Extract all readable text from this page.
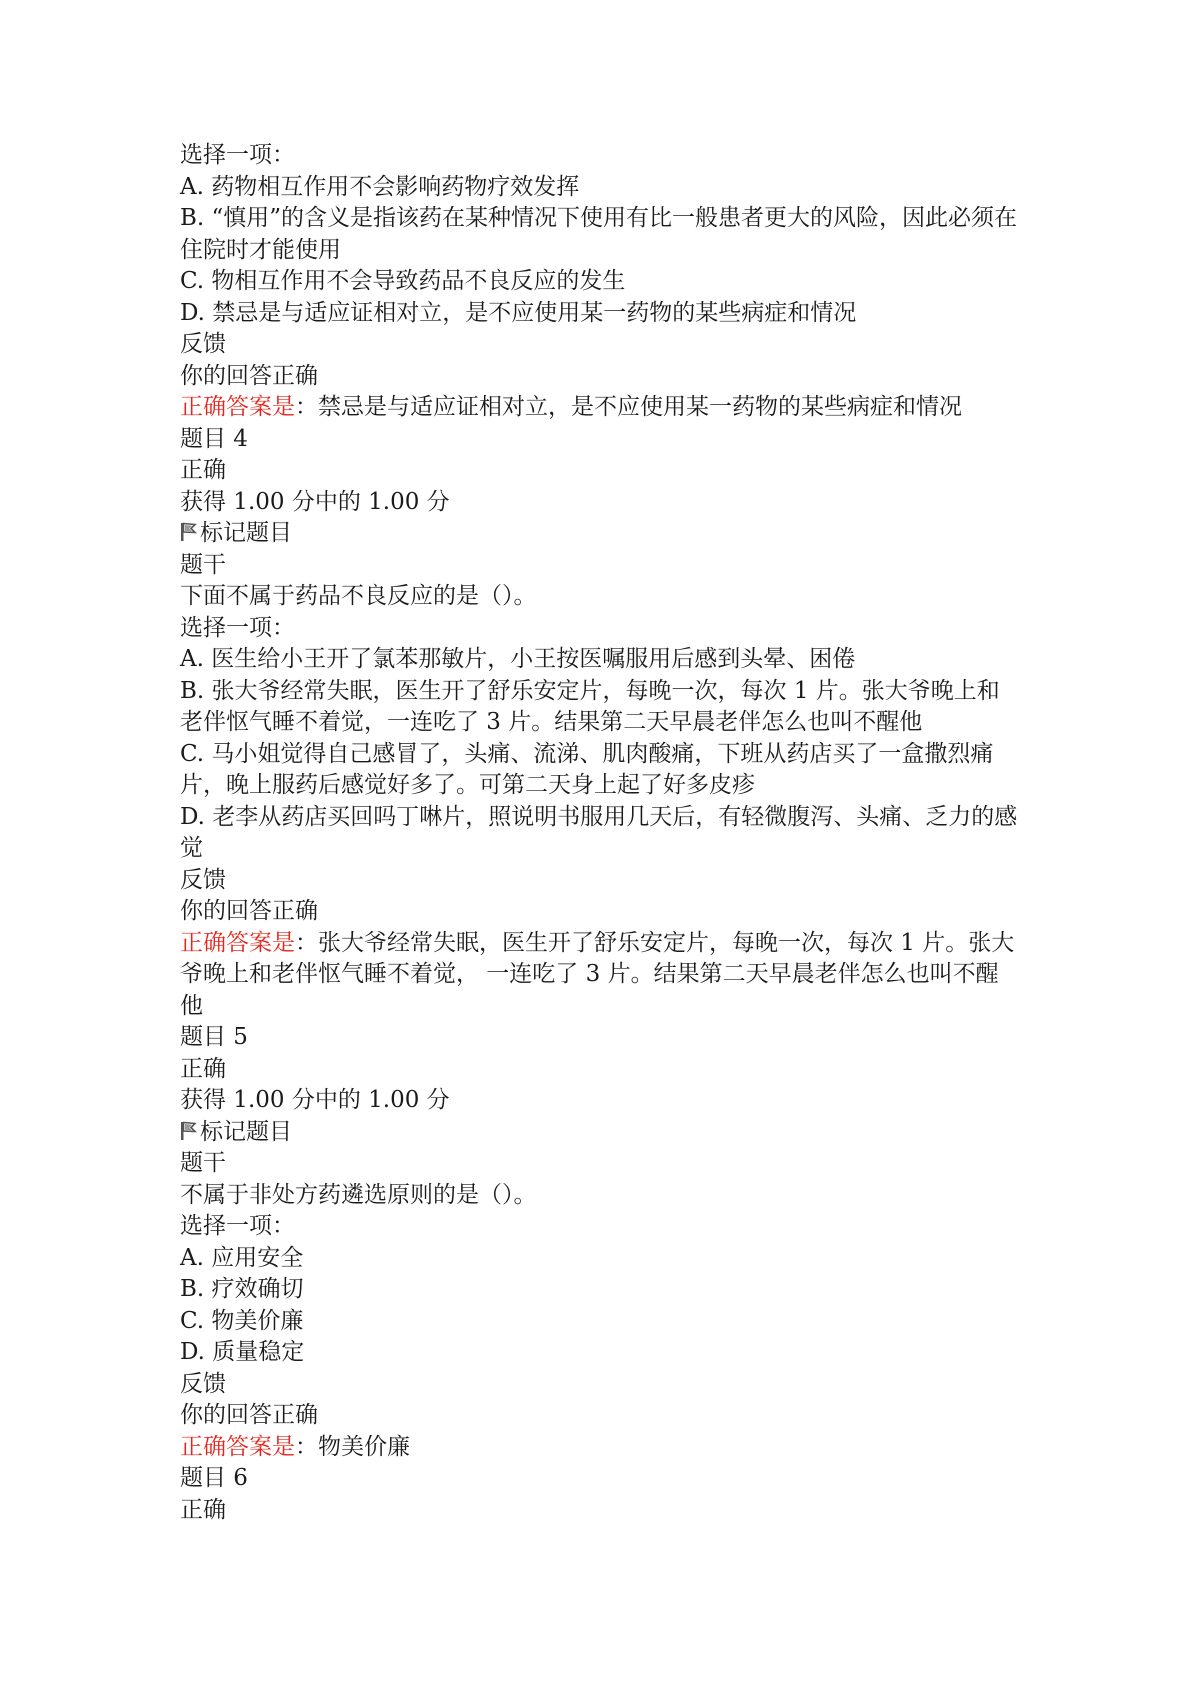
选择一项：
A. 药物相互作用不会影响药物疗效发挥
B. “慎用”的含义是指该药在某种情况下使用有比一般患者更大的风险，因此必须在住院时才能使用
C. 物相互作用不会导致药品不良反应的发生
D. 禁忌是与适应证相对立，是不应使用某一药物的某些病症和情况
反馈
你的回答正确
正确答案是：禁忌是与适应证相对立，是不应使用某一药物的某些病症和情况
题目 4
正确
获得 1.00 分中的 1.00 分
标记题目
题干
下面不属于药品不良反应的是（）。
选择一项：
A. 医生给小王开了氯苯那敏片，小王按医嘱服用后感到头晕、困倦
B. 张大爷经常失眠，医生开了舒乐安定片，每晚一次，每次 1 片。张大爷晚上和老伴怄气睡不着觉，一连吃了 3 片。结果第二天早晨老伴怎么也叫不醒他
C. 马小姐觉得自己感冒了，头痛、流涕、肌肉酸痛，下班从药店买了一盒撒烈痛片，晚上服药后感觉好多了。可第二天身上起了好多皮疹
D. 老李从药店买回吗丁啉片，照说明书服用几天后，有轻微腹泻、头痛、乏力的感觉
反馈
你的回答正确
正确答案是：张大爷经常失眠，医生开了舒乐安定片，每晚一次，每次 1 片。张大爷晚上和老伴怄气睡不着觉， 一连吃了 3 片。结果第二天早晨老伴怎么也叫不醒他
题目 5
正确
获得 1.00 分中的 1.00 分
标记题目
题干
不属于非处方药遴选原则的是（）。
选择一项：
A. 应用安全
B. 疗效确切
C. 物美价廉
D. 质量稳定
反馈
你的回答正确
正确答案是：物美价廉
题目 6
正确
